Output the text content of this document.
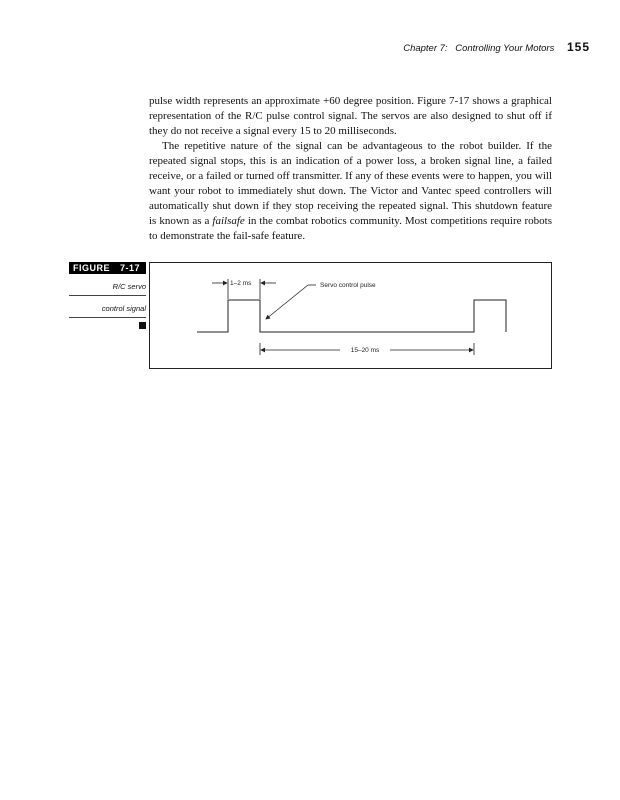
Chapter 7: Controlling Your Motors 155

pulse width represents an approximate +60 degree position. Figure 7-17 shows a graphical representation of the R/C pulse control signal. The servos are also designed to shut off if they do not receive a signal every 15 to 20 milliseconds.

The repetitive nature of the signal can be advantageous to the robot builder. If the repeated signal stops, this is an indication of a power loss, a broken signal line, a failed receive, or a failed or turned off transmitter. If any of these events were to happen, you will want your robot to immediately shut down. The Victor and Vantec speed controllers will automatically shut down if they stop receiving the repeated signal. This shutdown feature is known as a failsafe in the combat robotics community. Most competitions require robots to demonstrate the fail-safe feature.

FIGURE 7-17
R/C servo
control signal
1–2 ms	Servo control pulse
15–20 ms
